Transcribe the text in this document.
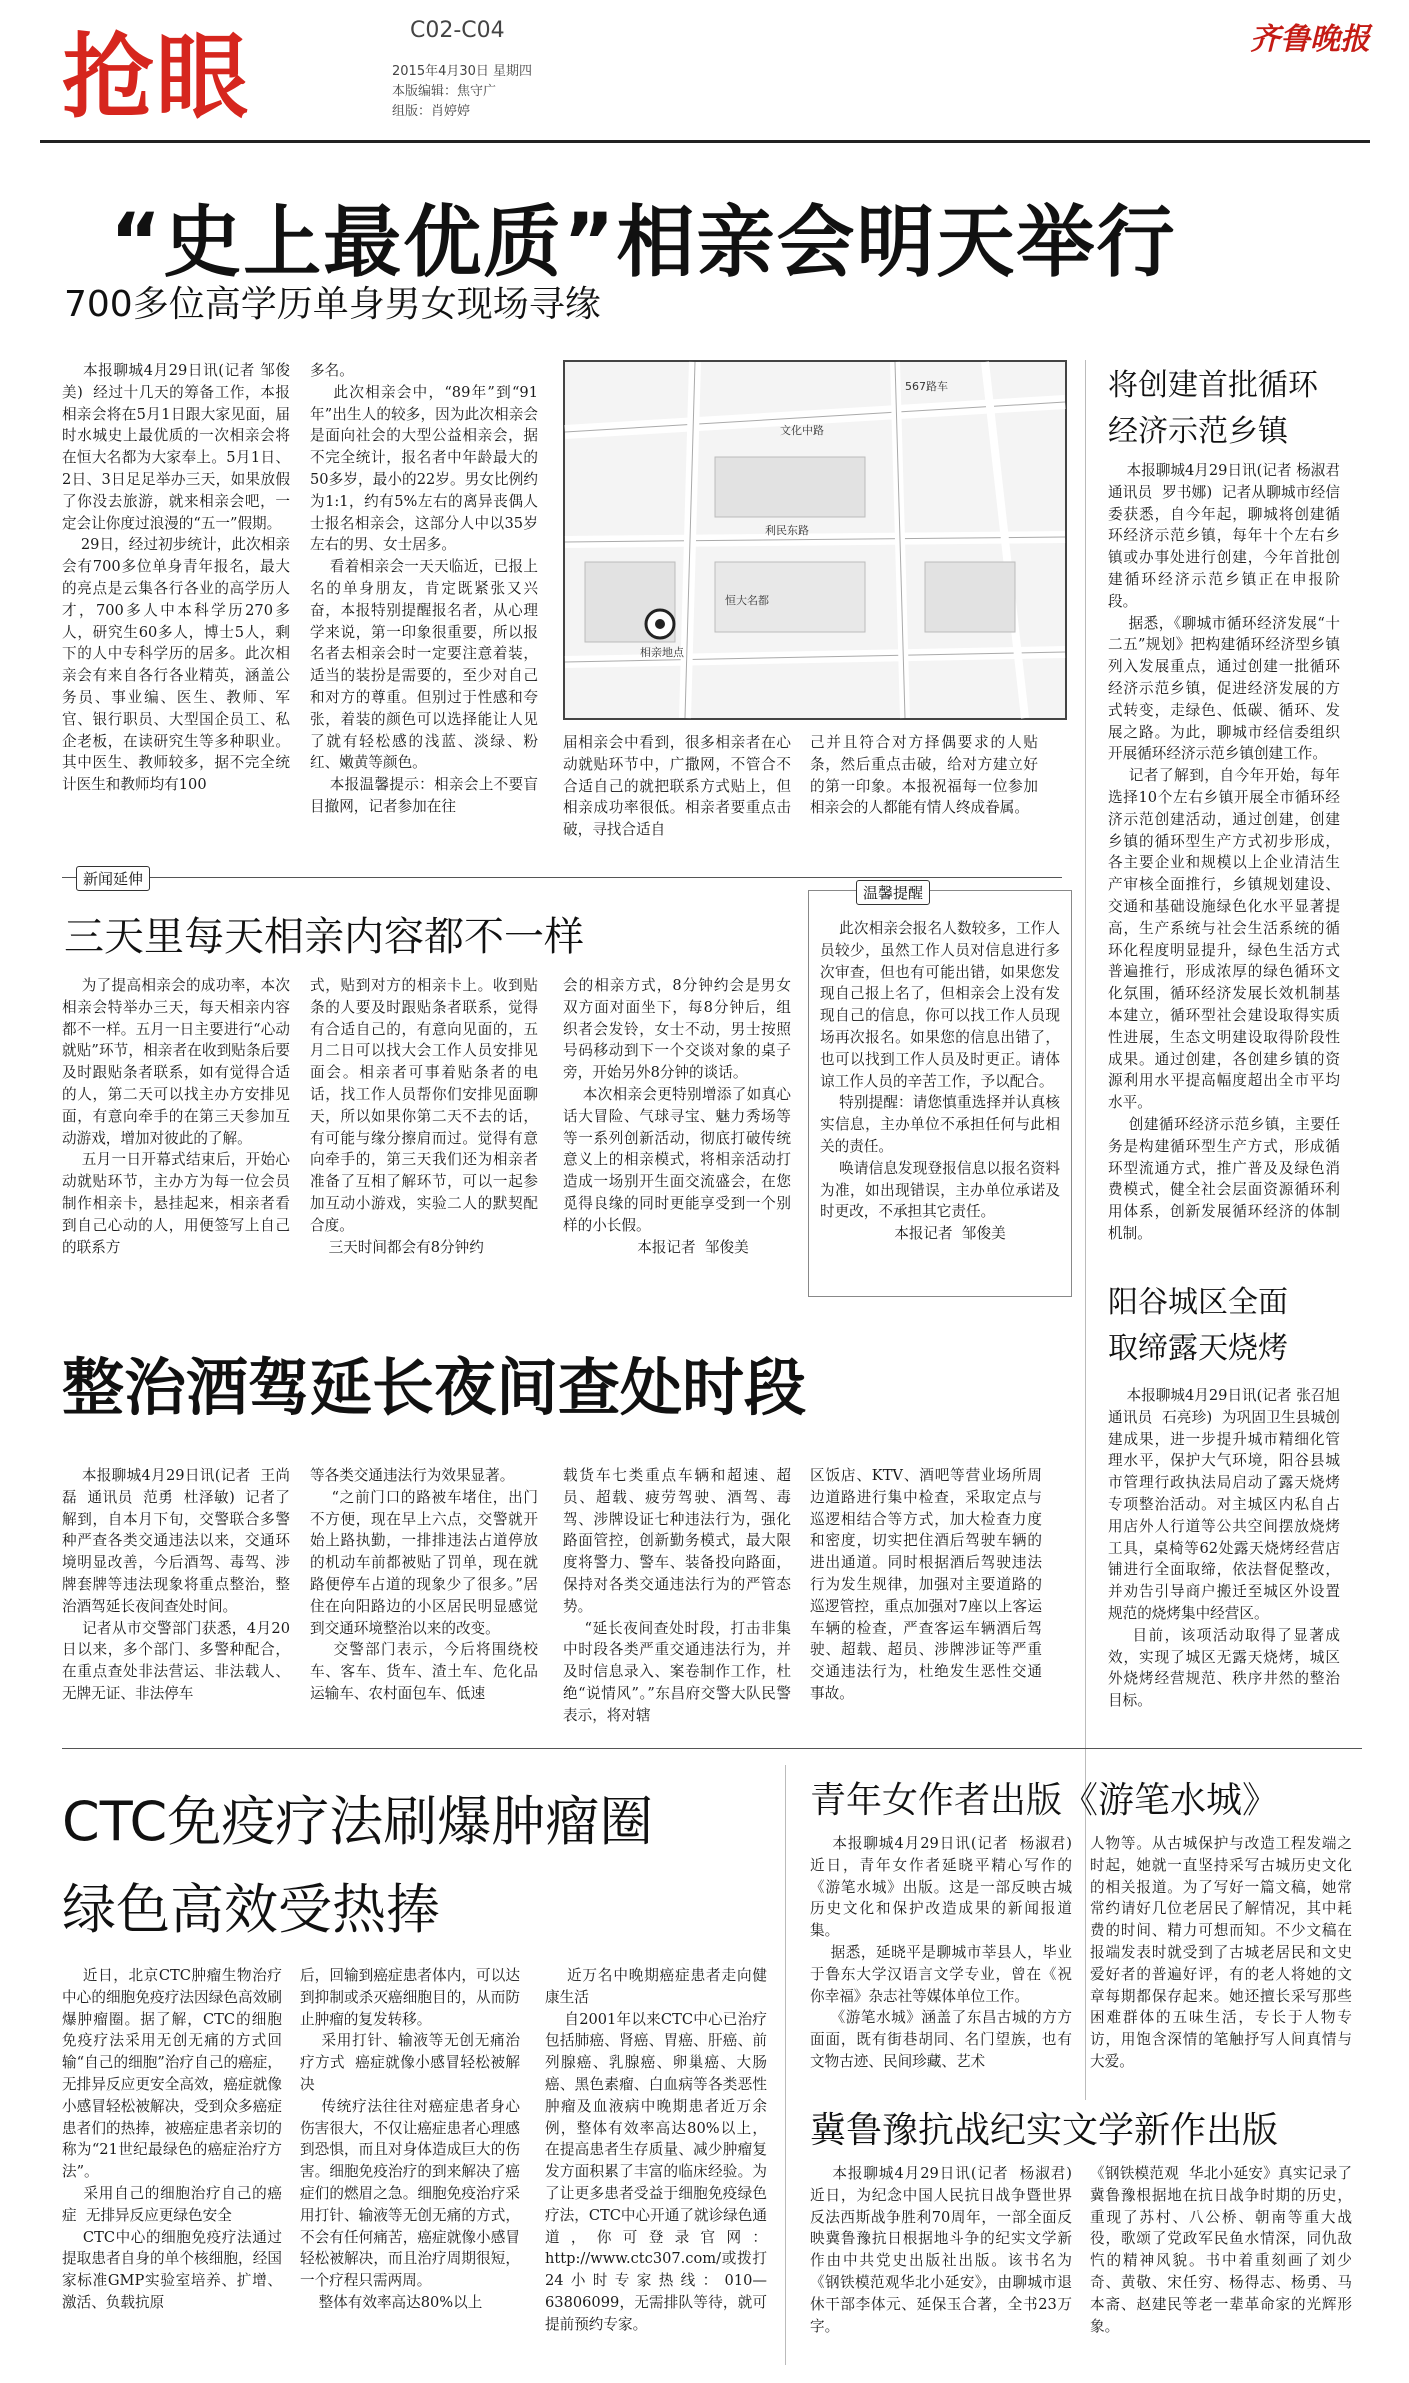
抢眼	C02-C04
2015年4月30日 星期四
本版编辑：焦守广
组版：肖婷婷
齐鲁晚报
“史上最优质”相亲会明天举行
700多位高学历单身男女现场寻缘
本报聊城4月29日讯(记者 邹俊美)  经过十几天的筹备工作，本报相亲会将在5月1日跟大家见面，届时水城史上最优质的一次相亲会将在恒大名都为大家奉上。5月1日、2日、3日足足举办三天，如果放假了你没去旅游，就来相亲会吧，一定会让你度过浪漫的“五一”假期。
29日，经过初步统计，此次相亲会有700多位单身青年报名，最大的亮点是云集各行各业的高学历人才，700多人中本科学历270多人，研究生60多人，博士5人，剩下的人中专科学历的居多。此次相亲会有来自各行各业精英，涵盖公务员、事业编、医生、教师、军官、银行职员、大型国企员工、私企老板，在读研究生等多种职业。其中医生、教师较多，据不完全统计医生和教师均有100
多名。
此次相亲会中，“89年”到“91年”出生人的较多，因为此次相亲会是面向社会的大型公益相亲会，据不完全统计，报名者中年龄最大的50多岁，最小的22岁。男女比例约为1:1，约有5%左右的离异丧偶人士报名相亲会，这部分人中以35岁左右的男、女士居多。
看着相亲会一天天临近，已报上名的单身朋友，肯定既紧张又兴奋，本报特别提醒报名者，从心理学来说，第一印象很重要，所以报名者去相亲会时一定要注意着装，适当的装扮是需要的，至少对自己和对方的尊重。但别过于性感和夸张，着装的颜色可以选择能让人见了就有轻松感的浅蓝、淡绿、粉红、嫩黄等颜色。
本报温馨提示：相亲会上不要盲目撤网，记者参加在往
567路车
文化中路
利民东路
恒大名都
相亲地点
届相亲会中看到，很多相亲者在心动就贴环节中，广撒网，不管合不合适自己的就把联系方式贴上，但相亲成功率很低。相亲者要重点击破，寻找合适自
己并且符合对方择偶要求的人贴条，然后重点击破，给对方建立好的第一印象。本报祝福每一位参加相亲会的人都能有情人终成眷属。
将创建首批循环
经济示范乡镇
本报聊城4月29日讯(记者 杨淑君  通讯员  罗书娜)  记者从聊城市经信委获悉，自今年起，聊城将创建循环经济示范乡镇，每年十个左右乡镇或办事处进行创建，今年首批创建循环经济示范乡镇正在申报阶段。
据悉，《聊城市循环经济发展“十二五”规划》把构建循环经济型乡镇列入发展重点，通过创建一批循环经济示范乡镇，促进经济发展的方式转变，走绿色、低碳、循环、发展之路。为此，聊城市经信委组织开展循环经济示范乡镇创建工作。
记者了解到，自今年开始，每年选择10个左右乡镇开展全市循环经济示范创建活动，通过创建，创建乡镇的循环型生产方式初步形成，各主要企业和规模以上企业清洁生产审核全面推行，乡镇规划建设、交通和基础设施绿色化水平显著提高，生产系统与社会生活系统的循环化程度明显提升，绿色生活方式普遍推行，形成浓厚的绿色循环文化氛围，循环经济发展长效机制基本建立，循环型社会建设取得实质性进展，生态文明建设取得阶段性成果。通过创建，各创建乡镇的资源利用水平提高幅度超出全市平均水平。
创建循环经济示范乡镇，主要任务是构建循环型生产方式，形成循环型流通方式，推广普及及绿色消费模式，健全社会层面资源循环利用体系，创新发展循环经济的体制机制。
新闻延伸
三天里每天相亲内容都不一样
为了提高相亲会的成功率，本次相亲会特举办三天，每天相亲内容都不一样。五月一日主要进行“心动就贴”环节，相亲者在收到贴条后要及时跟贴条者联系，如有觉得合适的人，第二天可以找主办方安排见面，有意向牵手的在第三天参加互动游戏，增加对彼此的了解。
五月一日开幕式结束后，开始心动就贴环节，主办方为每一位会员制作相亲卡，悬挂起来，相亲者看到自己心动的人，用便签写上自己的联系方
式，贴到对方的相亲卡上。收到贴条的人要及时跟贴条者联系，觉得有合适自己的，有意向见面的，五月二日可以找大会工作人员安排见面会。相亲者可事着贴条者的电话，找工作人员帮你们安排见面聊天，所以如果你第二天不去的话，有可能与缘分擦肩而过。觉得有意向牵手的，第三天我们还为相亲者准备了互相了解环节，可以一起参加互动小游戏，实验二人的默契配合度。
三天时间都会有8分钟约
会的相亲方式，8分钟约会是男女双方面对面坐下，每8分钟后，组织者会发铃，女士不动，男士按照号码移动到下一个交谈对象的桌子旁，开始另外8分钟的谈话。
本次相亲会更特别增添了如真心话大冒险、气球寻宝、魅力秀场等等一系列创新活动，彻底打破传统意义上的相亲模式，将相亲活动打造成一场别开生面交流盛会，在您觅得良缘的同时更能享受到一个别样的小长假。
本报记者  邹俊美
温馨提醒
此次相亲会报名人数较多，工作人员较少，虽然工作人员对信息进行多次审查，但也有可能出错，如果您发现自己报上名了，但相亲会上没有发现自己的信息，你可以找工作人员现场再次报名。如果您的信息出错了，也可以找到工作人员及时更正。请体谅工作人员的辛苦工作，予以配合。
特别提醒：请您慎重选择并认真核实信息，主办单位不承担任何与此相关的责任。
唤请信息发现登报信息以报名资料为准，如出现错误，主办单位承诺及时更改，不承担其它责任。
本报记者  邹俊美
阳谷城区全面
取缔露天烧烤
本报聊城4月29日讯(记者 张召旭  通讯员  石亮珍)  为巩固卫生县城创建成果，进一步提升城市精细化管理水平，保护大气环境，阳谷县城市管理行政执法局启动了露天烧烤专项整治活动。对主城区内私自占用店外人行道等公共空间摆放烧烤工具，桌椅等62处露天烧烤经营店铺进行全面取缔，依法督促整改，并劝告引导商户搬迁至城区外设置规范的烧烤集中经营区。
目前，该项活动取得了显著成效，实现了城区无露天烧烤，城区外烧烤经营规范、秩序井然的整治目标。
整治酒驾延长夜间查处时段
本报聊城4月29日讯(记者  王尚磊  通讯员  范勇  杜泽敏)  记者了解到，自本月下旬，交警联合多警种严查各类交通违法以来，交通环境明显改善，今后酒驾、毒驾、涉牌套牌等违法现象将重点整治，整治酒驾延长夜间查处时间。
记者从市交警部门获悉，4月20日以来，多个部门、多警种配合，在重点查处非法营运、非法载人、无牌无证、非法停车
等各类交通违法行为效果显著。
“之前门口的路被车堵住，出门不方便，现在早上六点，交警就开始上路执勤，一排排违法占道停放的机动车前都被贴了罚单，现在就路便停车占道的现象少了很多。”居住在向阳路边的小区居民明显感觉到交通环境整治以来的改变。
交警部门表示，今后将围绕校车、客车、货车、渣土车、危化品运输车、农村面包车、低速
载货车七类重点车辆和超速、超员、超载、疲劳驾驶、酒驾、毒驾、涉牌设证七种违法行为，强化路面管控，创新勤务模式，最大限度将警力、警车、装备投向路面，保持对各类交通违法行为的严管态势。
“延长夜间查处时段，打击非集中时段各类严重交通违法行为，并及时信息录入、案卷制作工作，杜绝“说情风”。”东昌府交警大队民警表示，将对辖
区饭店、KTV、酒吧等营业场所周边道路进行集中检查，采取定点与巡逻相结合等方式，加大检查力度和密度，切实把住酒后驾驶车辆的进出通道。同时根据酒后驾驶违法行为发生规律，加强对主要道路的巡逻管控，重点加强对7座以上客运车辆的检查，严查客运车辆酒后驾驶、超载、超员、涉牌涉证等严重交通违法行为，杜绝发生恶性交通事故。
CTC免疫疗法刷爆肿瘤圈
绿色高效受热捧
近日，北京CTC肿瘤生物治疗中心的细胞免疫疗法因绿色高效刷爆肿瘤圈。据了解，CTC的细胞免疫疗法采用无创无痛的方式回输“自己的细胞”治疗自己的癌症，无排异反应更安全高效，癌症就像小感冒轻松被解决，受到众多癌症患者们的热捧，被癌症患者亲切的称为“21世纪最绿色的癌症治疗方法”。
采用自己的细胞治疗自己的癌症  无排异反应更绿色安全
CTC中心的细胞免疫疗法通过提取患者自身的单个核细胞，经国家标准GMP实验室培养、扩增、激活、负载抗原
后，回输到癌症患者体内，可以达到抑制或杀灭癌细胞目的，从而防止肿瘤的复发转移。
采用打针、输液等无创无痛治疗方式  癌症就像小感冒轻松被解决
传统疗法往往对癌症患者身心伤害很大，不仅让癌症患者心理感到恐惧，而且对身体造成巨大的伤害。细胞免疫治疗的到来解决了癌症们的燃眉之急。细胞免疫治疗采用打针、输液等无创无痛的方式，不会有任何痛苦，癌症就像小感冒轻松被解决，而且治疗周期很短，一个疗程只需两周。
整体有效率高达80%以上
近万名中晚期癌症患者走向健康生活
自2001年以来CTC中心已治疗包括肺癌、肾癌、胃癌、肝癌、前列腺癌、乳腺癌、卵巢癌、大肠癌、黑色素瘤、白血病等各类恶性肿瘤及血液病中晚期患者近万余例，整体有效率高达80%以上，在提高患者生存质量、减少肿瘤复发方面积累了丰富的临床经验。为了让更多患者受益于细胞免疫绿色疗法，CTC中心开通了就诊绿色通道，你可登录官网：http://www.ctc307.com/或拨打24小时专家热线：010—63806099，无需排队等待，就可提前预约专家。
青年女作者出版《游笔水城》
本报聊城4月29日讯(记者  杨淑君)  近日，青年女作者延晓平精心写作的《游笔水城》出版。这是一部反映古城历史文化和保护改造成果的新闻报道集。
据悉，延晓平是聊城市莘县人，毕业于鲁东大学汉语言文学专业，曾在《祝你幸福》杂志社等媒体单位工作。
《游笔水城》涵盖了东昌古城的方方面面，既有街巷胡同、名门望族，也有文物古迹、民间珍藏、艺术
人物等。从古城保护与改造工程发端之时起，她就一直坚持采写古城历史文化的相关报道。为了写好一篇文稿，她常常约请好几位老居民了解情况，其中耗费的时间、精力可想而知。不少文稿在报端发表时就受到了古城老居民和文史爱好者的普遍好评，有的老人将她的文章每期都保存起来。她还擅长采写那些困难群体的五味生活，专长于人物专访，用饱含深情的笔触抒写人间真情与大爱。
冀鲁豫抗战纪实文学新作出版
本报聊城4月29日讯(记者  杨淑君)  近日，为纪念中国人民抗日战争暨世界反法西斯战争胜利70周年，一部全面反映冀鲁豫抗日根据地斗争的纪实文学新作由中共党史出版社出版。该书名为《钢铁模范观华北小延安》，由聊城市退休干部李体元、延保玉合著，全书23万字。
《钢铁模范观  华北小延安》真实记录了冀鲁豫根据地在抗日战争时期的历史，重现了苏村、八公桥、朝南等重大战役，歌颂了党政军民鱼水情深，同仇敌忾的精神风貌。书中着重刻画了刘少奇、黄敬、宋任穷、杨得志、杨勇、马本斋、赵建民等老一辈革命家的光辉形象。
